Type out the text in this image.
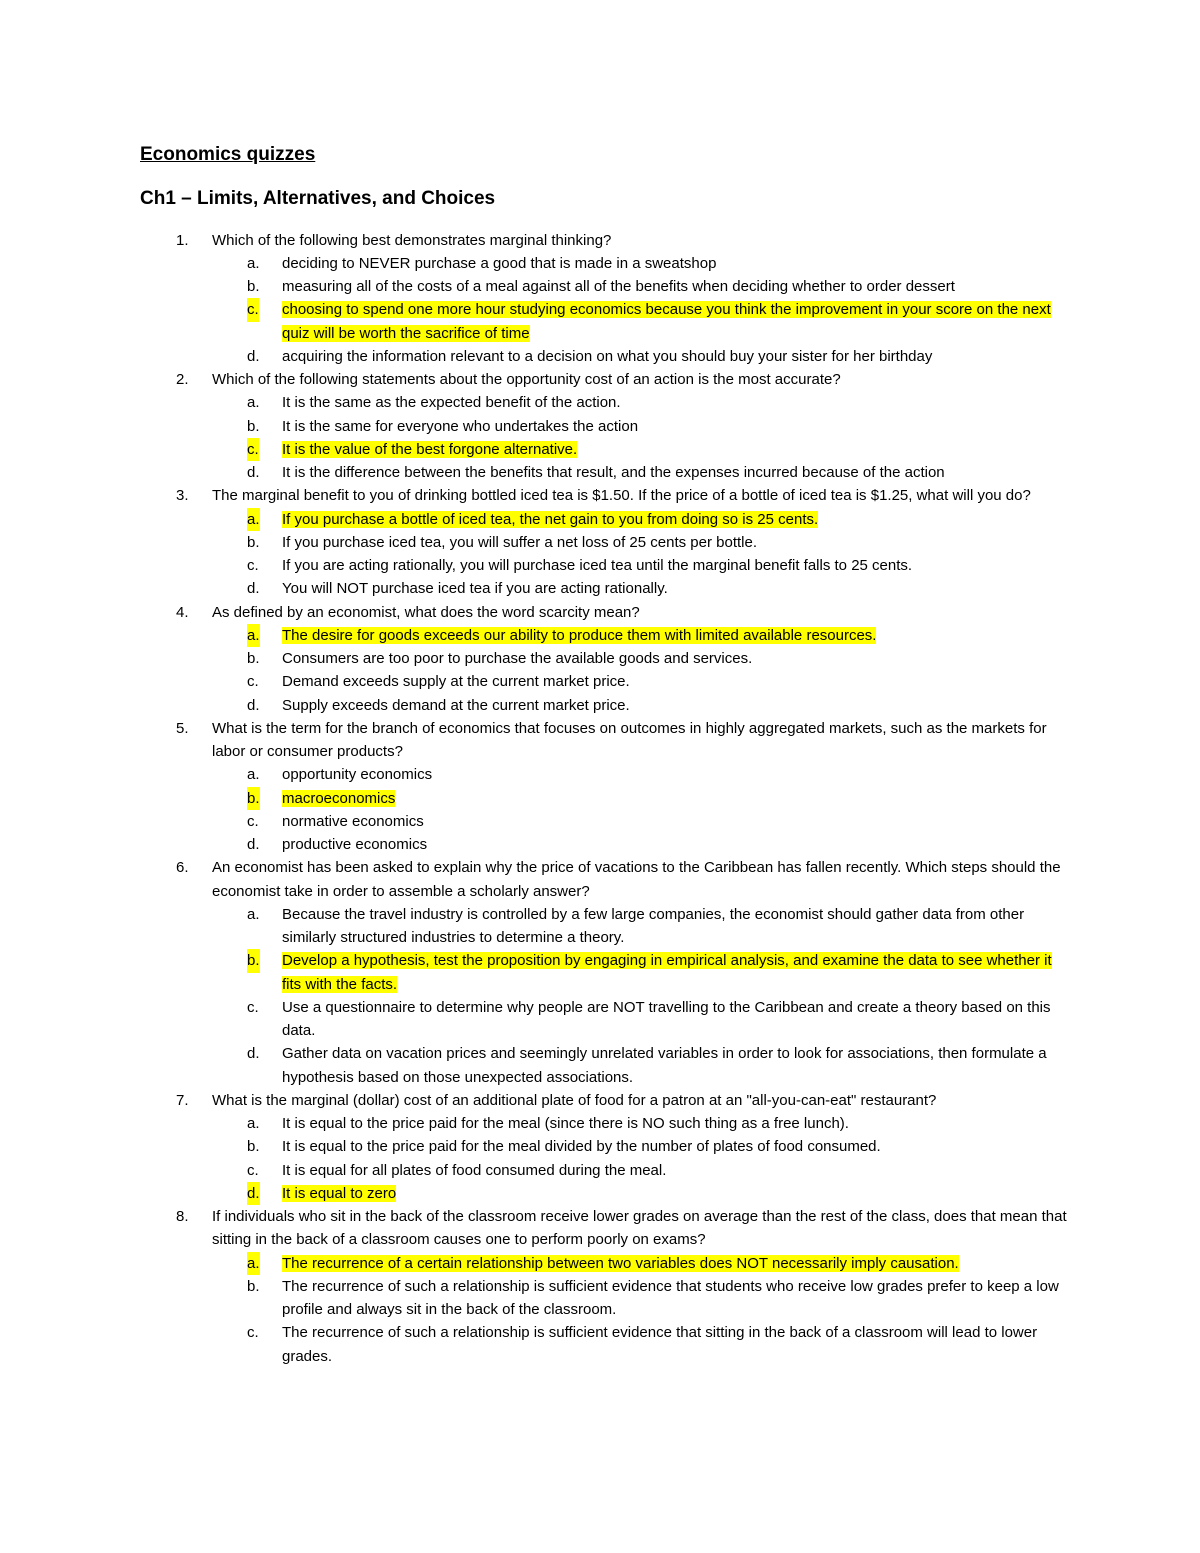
Economics quizzes
Ch1 – Limits, Alternatives, and Choices
1. Which of the following best demonstrates marginal thinking?
a. deciding to NEVER purchase a good that is made in a sweatshop
b. measuring all of the costs of a meal against all of the benefits when deciding whether to order dessert
c. choosing to spend one more hour studying economics because you think the improvement in your score on the next quiz will be worth the sacrifice of time
d. acquiring the information relevant to a decision on what you should buy your sister for her birthday
2. Which of the following statements about the opportunity cost of an action is the most accurate?
a. It is the same as the expected benefit of the action.
b. It is the same for everyone who undertakes the action
c. It is the value of the best forgone alternative.
d. It is the difference between the benefits that result, and the expenses incurred because of the action
3. The marginal benefit to you of drinking bottled iced tea is $1.50. If the price of a bottle of iced tea is $1.25, what will you do?
a. If you purchase a bottle of iced tea, the net gain to you from doing so is 25 cents.
b. If you purchase iced tea, you will suffer a net loss of 25 cents per bottle.
c. If you are acting rationally, you will purchase iced tea until the marginal benefit falls to 25 cents.
d. You will NOT purchase iced tea if you are acting rationally.
4. As defined by an economist, what does the word scarcity mean?
a. The desire for goods exceeds our ability to produce them with limited available resources.
b. Consumers are too poor to purchase the available goods and services.
c. Demand exceeds supply at the current market price.
d. Supply exceeds demand at the current market price.
5. What is the term for the branch of economics that focuses on outcomes in highly aggregated markets, such as the markets for labor or consumer products?
a. opportunity economics
b. macroeconomics
c. normative economics
d. productive economics
6. An economist has been asked to explain why the price of vacations to the Caribbean has fallen recently. Which steps should the economist take in order to assemble a scholarly answer?
a. Because the travel industry is controlled by a few large companies, the economist should gather data from other similarly structured industries to determine a theory.
b. Develop a hypothesis, test the proposition by engaging in empirical analysis, and examine the data to see whether it fits with the facts.
c. Use a questionnaire to determine why people are NOT travelling to the Caribbean and create a theory based on this data.
d. Gather data on vacation prices and seemingly unrelated variables in order to look for associations, then formulate a hypothesis based on those unexpected associations.
7. What is the marginal (dollar) cost of an additional plate of food for a patron at an "all-you-can-eat" restaurant?
a. It is equal to the price paid for the meal (since there is NO such thing as a free lunch).
b. It is equal to the price paid for the meal divided by the number of plates of food consumed.
c. It is equal for all plates of food consumed during the meal.
d. It is equal to zero
8. If individuals who sit in the back of the classroom receive lower grades on average than the rest of the class, does that mean that sitting in the back of a classroom causes one to perform poorly on exams?
a. The recurrence of a certain relationship between two variables does NOT necessarily imply causation.
b. The recurrence of such a relationship is sufficient evidence that students who receive low grades prefer to keep a low profile and always sit in the back of the classroom.
c. The recurrence of such a relationship is sufficient evidence that sitting in the back of a classroom will lead to lower grades.
